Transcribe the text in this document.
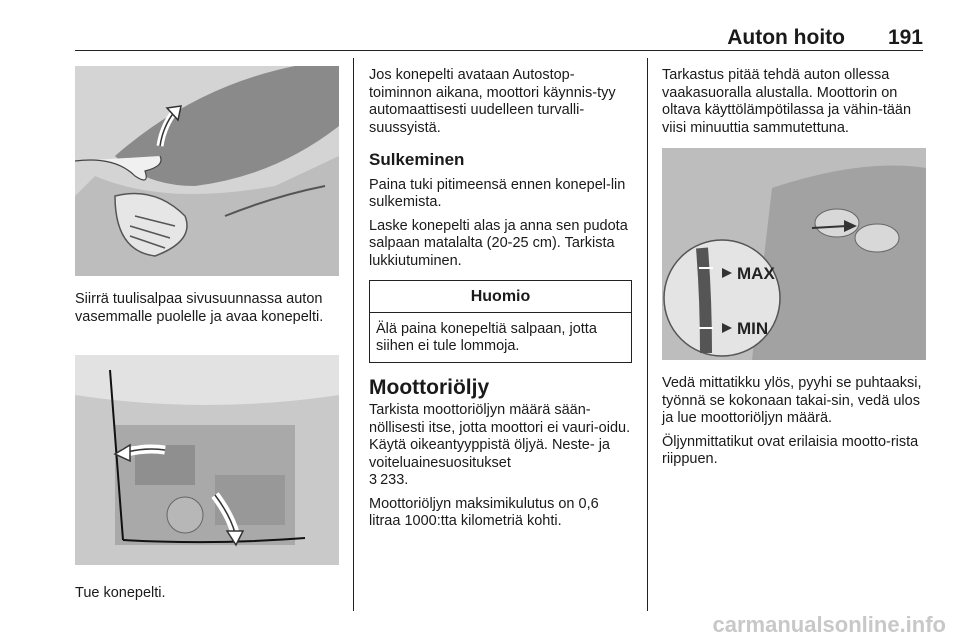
Auton hoito 191

Siirrä tuulisalpaa sivusuunnassa auton vasemmalle puolelle ja avaa konepelti.

Tue konepelti.

Jos konepelti avataan Autostop-toiminnon aikana, moottori käynnis-tyy automaattisesti uudelleen turvalli-suussyistä.

Sulkeminen

Paina tuki pitimeensä ennen konepel-lin sulkemista.

Laske konepelti alas ja anna sen pudota salpaan matalalta (20-25 cm). Tarkista lukkiutuminen.

Huomio
Älä paina konepeltiä salpaan, jotta siihen ei tule lommoja.
Moottoriöljy

Tarkista moottoriöljyn määrä sään-nöllisesti itse, jotta moottori ei vauri-oidu. Käytä oikeantyyppistä öljyä. Neste- ja voiteluainesuositukset
3 233.

Moottoriöljyn maksimikulutus on 0,6 litraa 1000:tta kilometriä kohti.

Tarkastus pitää tehdä auton ollessa vaakasuoralla alustalla. Moottorin on oltava käyttölämpötilassa ja vähin-tään viisi minuuttia sammutettuna.

MAX
MIN

Vedä mittatikku ylös, pyyhi se puhtaaksi, työnnä se kokonaan takai-sin, vedä ulos ja lue moottoriöljyn määrä.

Öljynmittatikut ovat erilaisia mootto-rista riippuen.

carmanualsonline.info
